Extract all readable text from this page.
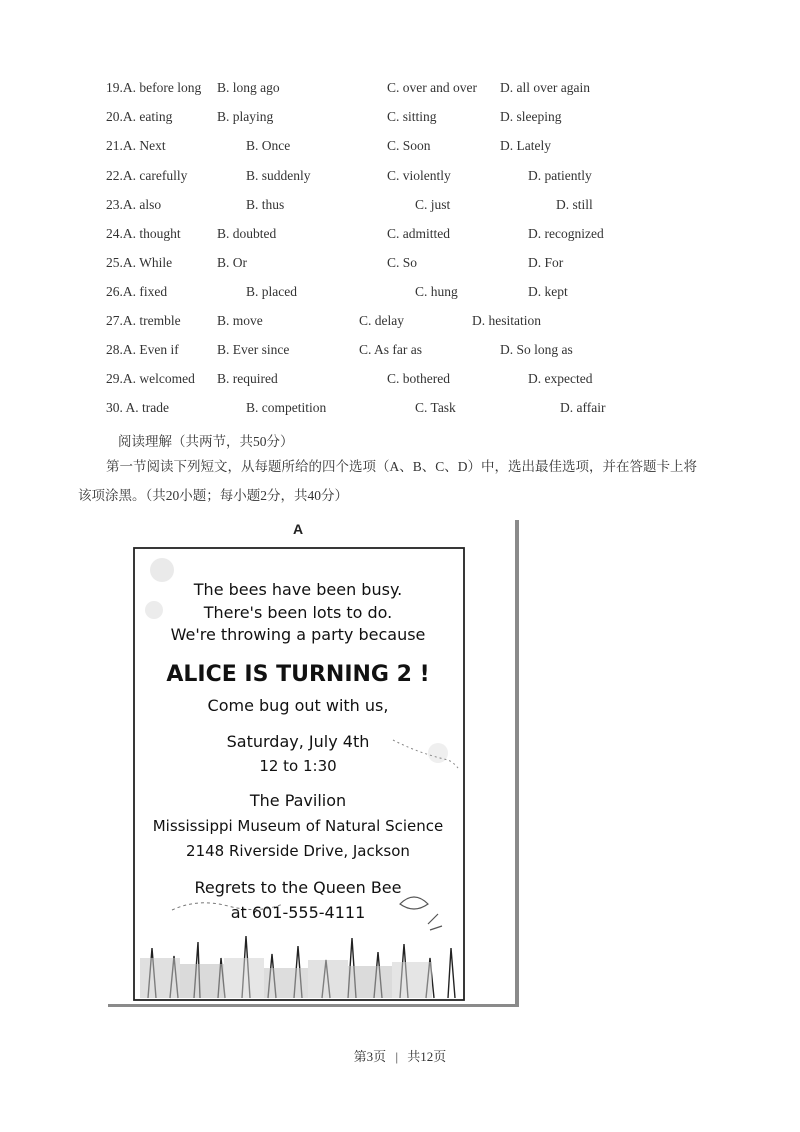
19.A. before long B. long ago	C. over and over D. all over again
20.A. eating	B. playing	C. sitting	D. sleeping
21.A. Next	B. Once	C. Soon	D. Lately
22.A. carefully	B. suddenly	C. violently	D. patiently
23.A. also	B. thus	C. just	D. still
24.A. thought	B. doubted	C. admitted	D. recognized
25.A. While	B. Or	C. So	D. For
26.A. fixed	B. placed	C. hung	D. kept
27.A. tremble	B. move	C. delay	D. hesitation
28.A. Even if	B. Ever since	C. As far as	D. So long as
29.A. welcomed B. required	C. bothered	D. expected
30. A. trade	B. competition	C. Task	D. affair
阅读理解（共两节，共50分）
第一节阅读下列短文，从每题所给的四个选项（A、B、C、D）中，选出最佳选项，并在答题卡上将
该项涂黑。（共20小题；每小题2分，共40分）
The bees have been busy.
There's been lots to do.
We're throwing a party because
ALICE IS TURNING 2 !
Come bug out with us,
Saturday, July 4th
12 to 1:30
The Pavilion
Mississippi Museum of Natural Science
2148 Riverside Drive, Jackson
Regrets to the Queen Bee
at 601-555-4111
A
第3页 | 共12页
